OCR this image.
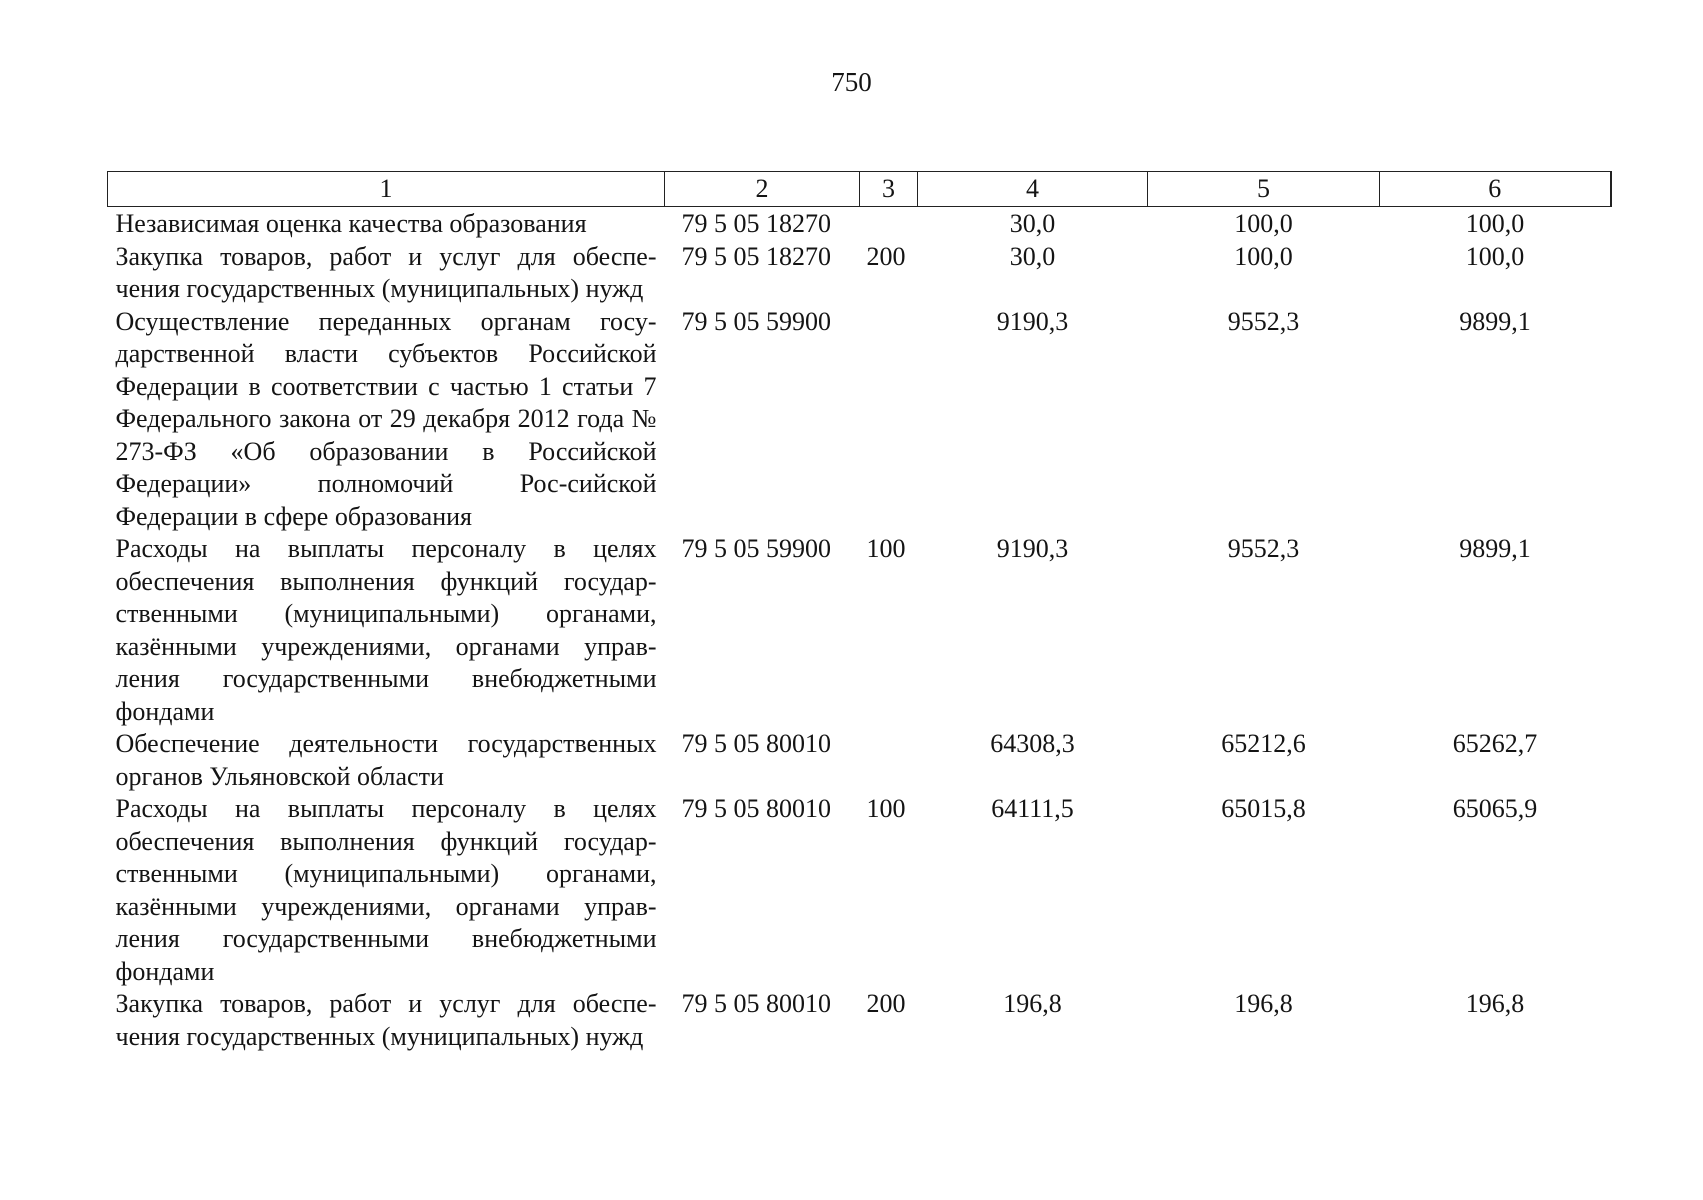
750
1	2	3	4	5	6
Независимая оценка качества образования	79 5 05 18270		30,0	100,0	100,0
Закупка товаров, работ и услуг для обеспе-чения государственных (муниципальных) нужд	79 5 05 18270	200	30,0	100,0	100,0
Осуществление переданных органам госу-дарственной власти субъектов Российской Федерации в соответствии с частью 1 статьи 7 Федерального закона от 29 декабря 2012 года № 273-ФЗ «Об образовании в Российской Федерации» полномочий Рос-сийской Федерации в сфере образования	79 5 05 59900		9190,3	9552,3	9899,1
Расходы на выплаты персоналу в целях обеспечения выполнения функций государ-ственными (муниципальными) органами, казёнными учреждениями, органами управ-ления государственными внебюджетными фондами	79 5 05 59900	100	9190,3	9552,3	9899,1
Обеспечение деятельности государственных органов Ульяновской области	79 5 05 80010		64308,3	65212,6	65262,7
Расходы на выплаты персоналу в целях обеспечения выполнения функций государ-ственными (муниципальными) органами, казёнными учреждениями, органами управ-ления государственными внебюджетными фондами	79 5 05 80010	100	64111,5	65015,8	65065,9
Закупка товаров, работ и услуг для обеспе-чения государственных (муниципальных) нужд	79 5 05 80010	200	196,8	196,8	196,8
